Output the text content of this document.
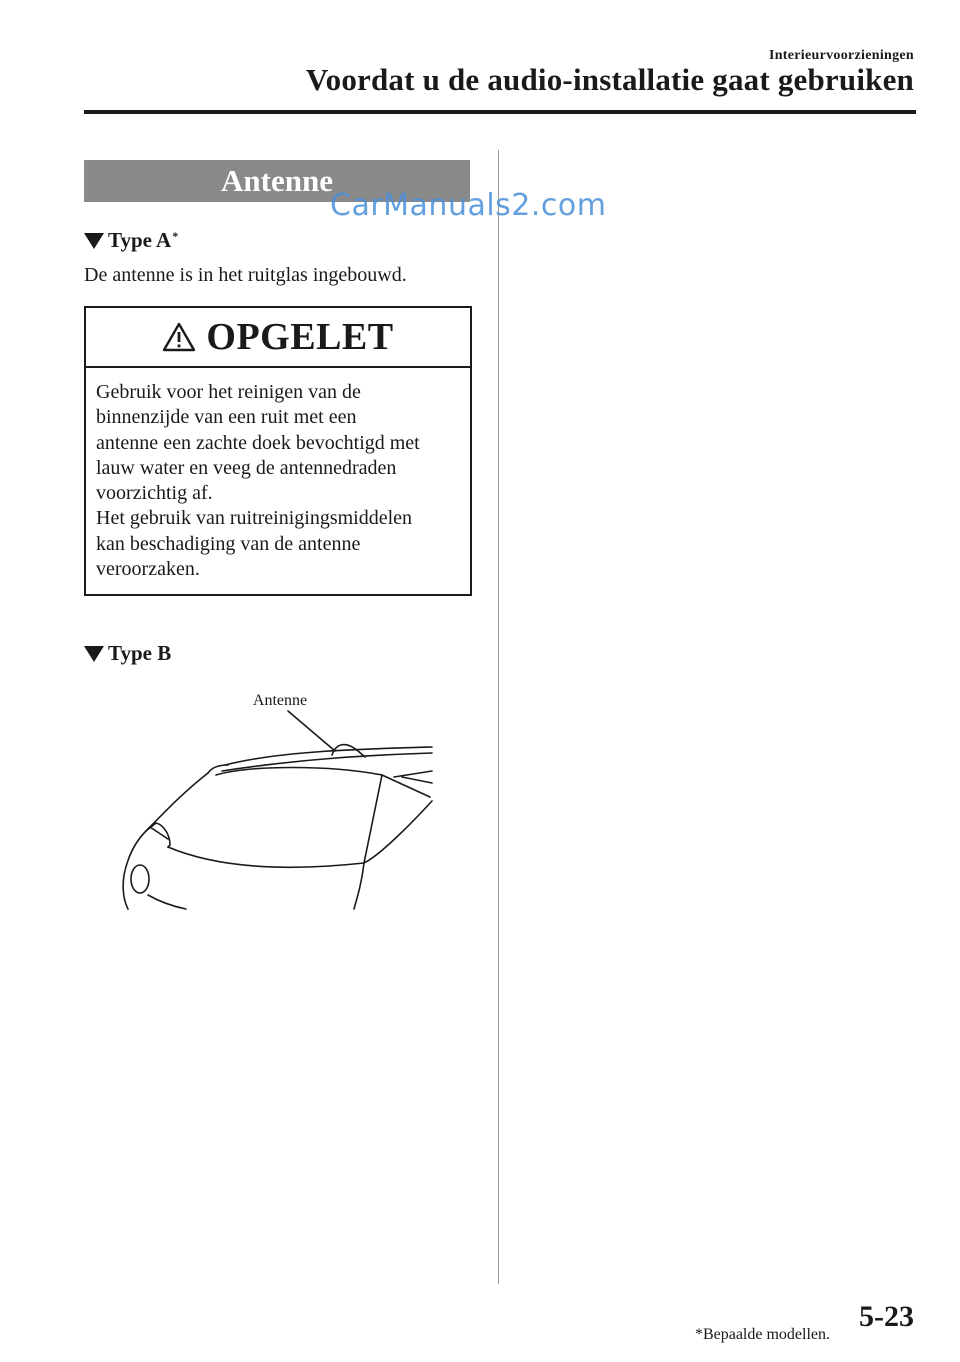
Interieurvoorzieningen
Voordat u de audio-installatie gaat gebruiken
Antenne
CarManuals2.com
Type A*
De antenne is in het ruitglas ingebouwd.
OPGELET

Gebruik voor het reinigen van de

binnenzijde van een ruit met een

antenne een zachte doek bevochtigd met

lauw water en veeg de antennedraden

voorzichtig af.

Het gebruik van ruitreinigingsmiddelen

kan beschadiging van de antenne

veroorzaken.

Type B
Antenne
*Bepaalde modellen.
5-23
